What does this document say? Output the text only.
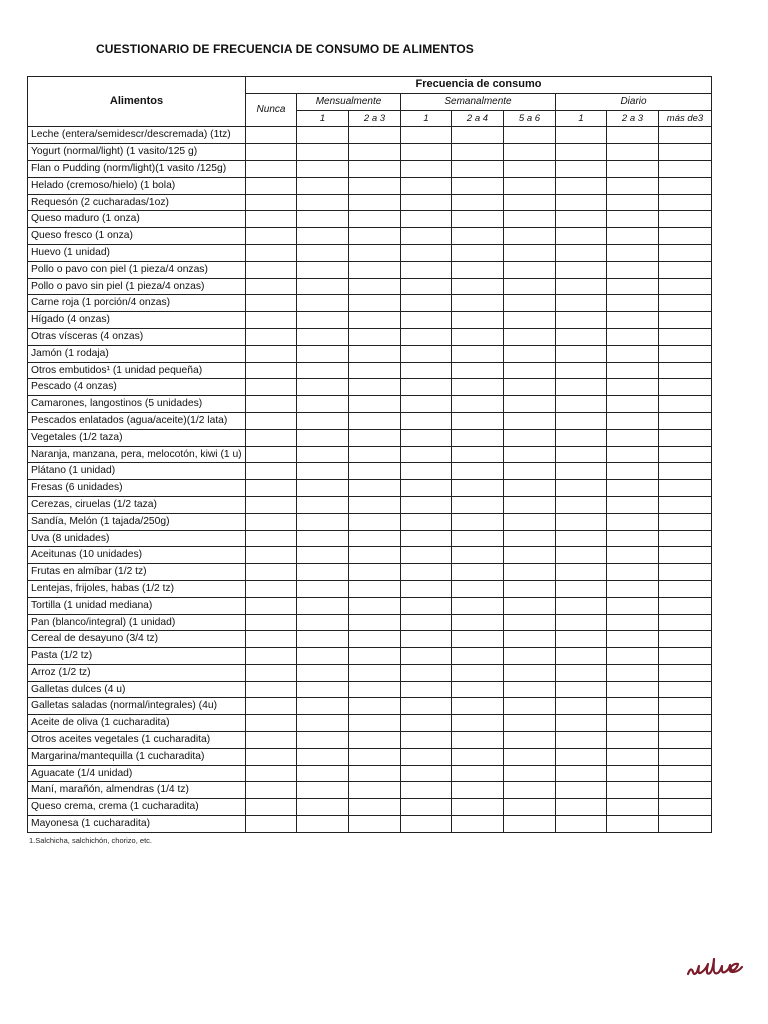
CUESTIONARIO DE FRECUENCIA DE CONSUMO DE ALIMENTOS
Alimentos	Frecuencia de consumo								
	Nunca	Mensualmente		Semanalmente			Diario		
		1	2 a 3	1	2 a 4	5 a 6	1	2 a 3	más de3
Leche (entera/semidescr/descremada) (1tz)									
Yogurt (normal/light) (1 vasito/125 g)									
Flan o Pudding (norm/light)(1 vasito /125g)									
Helado (cremoso/hielo) (1 bola)									
Requesón (2 cucharadas/1oz)									
Queso maduro (1 onza)									
Queso fresco (1 onza)									
Huevo (1 unidad)									
Pollo o pavo con piel (1 pieza/4 onzas)									
Pollo o pavo sin piel (1 pieza/4 onzas)									
Carne roja (1 porción/4 onzas)									
Hígado (4 onzas)									
Otras vísceras (4 onzas)									
Jamón (1 rodaja)									
Otros embutidos¹ (1 unidad pequeña)									
Pescado (4 onzas)									
Camarones, langostinos (5 unidades)									
Pescados enlatados (agua/aceite)(1/2 lata)									
Vegetales (1/2 taza)									
Naranja, manzana, pera, melocotón, kiwi (1 u)									
Plátano (1 unidad)									
Fresas (6 unidades)									
Cerezas, ciruelas (1/2 taza)									
Sandía, Melón (1 tajada/250g)									
Uva (8 unidades)									
Aceitunas (10 unidades)									
Frutas en almíbar (1/2 tz)									
Lentejas, frijoles, habas (1/2 tz)									
Tortilla (1 unidad mediana)									
Pan (blanco/integral) (1 unidad)									
Cereal de desayuno (3/4 tz)									
Pasta (1/2 tz)									
Arroz (1/2 tz)									
Galletas dulces (4 u)									
Galletas saladas (normal/integrales) (4u)									
Aceite de oliva (1 cucharadita)									
Otros aceites vegetales (1 cucharadita)									
Margarina/mantequilla (1 cucharadita)									
Aguacate (1/4 unidad)									
Maní, marañón, almendras (1/4 tz)									
Queso crema, crema (1 cucharadita)									
Mayonesa (1 cucharadita)									
1.Salchicha, salchichón, chorizo, etc.
